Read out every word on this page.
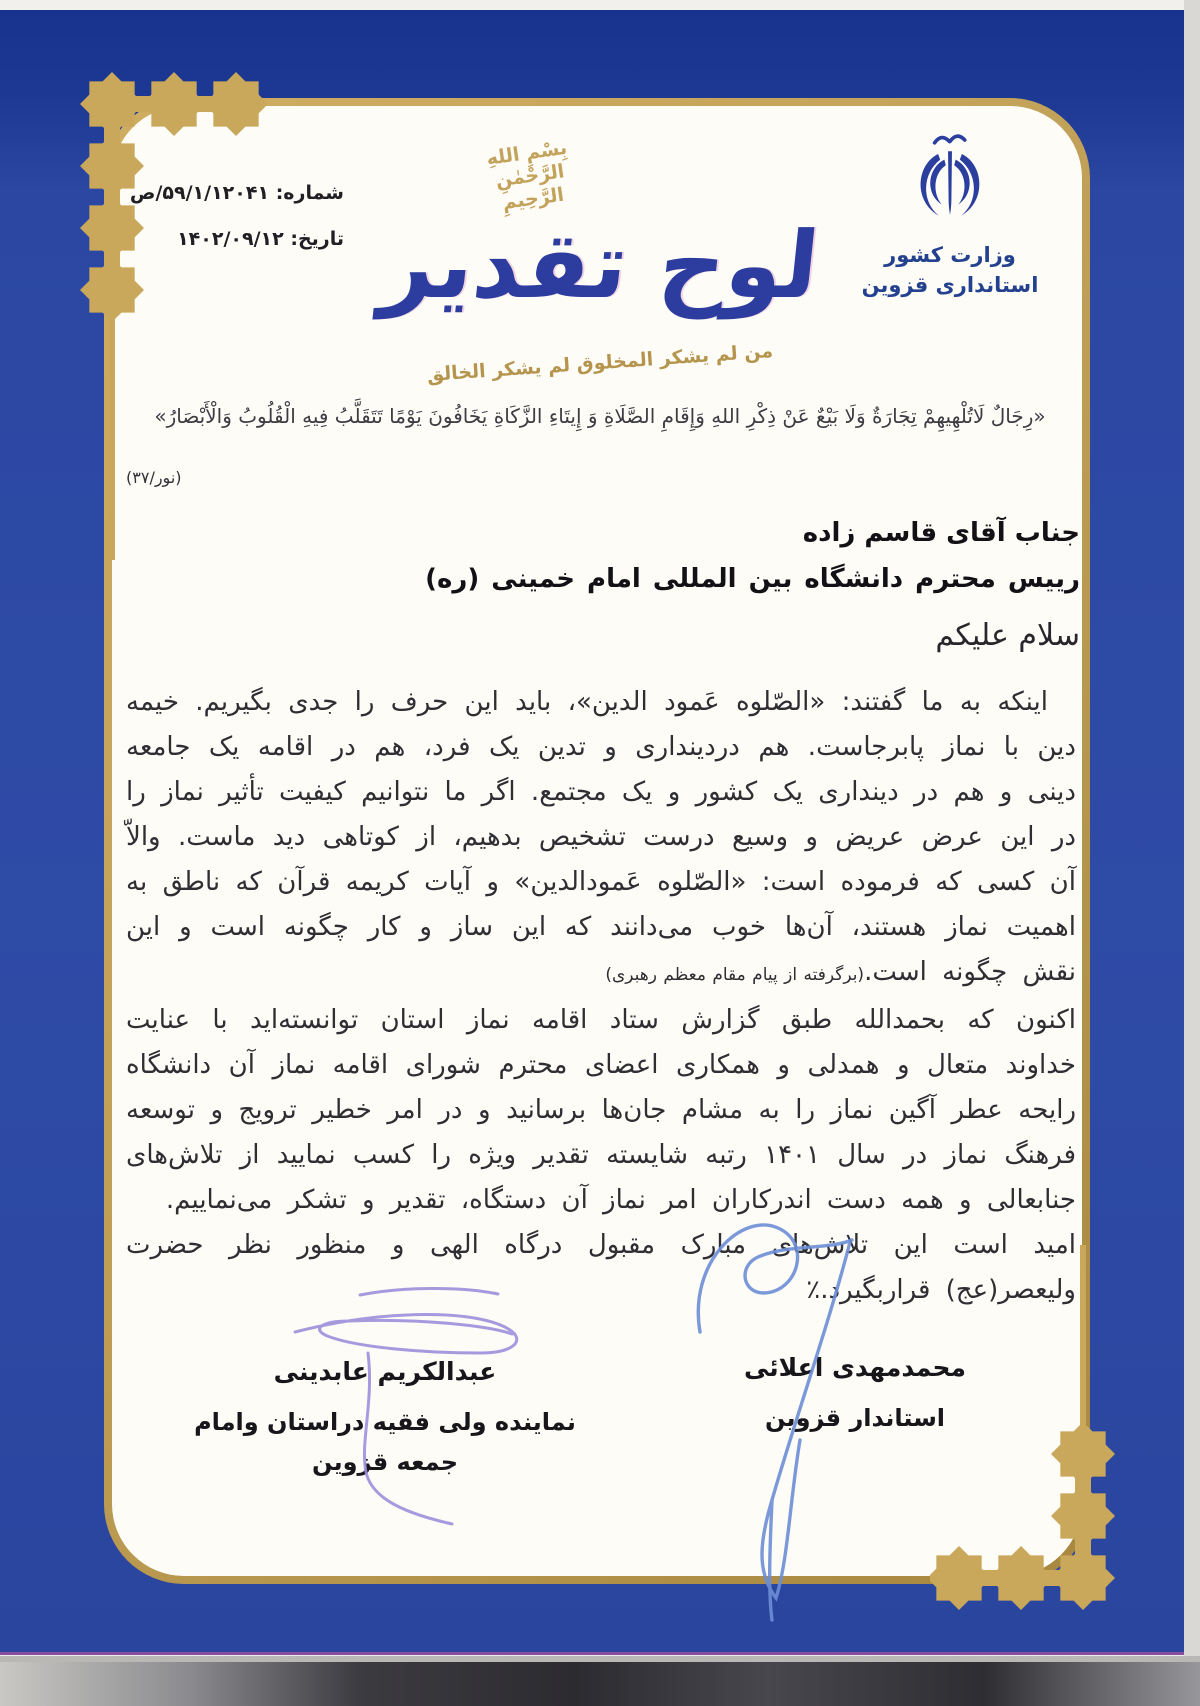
شماره: ۵۹/۱/۱۲۰۴۱/ص
تاریخ: ۱۴۰۲/۰۹/۱۲
بِسْمِ اللهِ الرَّحْمٰنِ الرَّحِيمِ
لوح تقدیر
من لم یشکر المخلوق لم یشکر الخالق
وزارت کشور
استانداری قزوین
«رِجَالٌ لَاتُلْهِيهِمْ تِجَارَةٌ وَلَا بَيْعٌ عَنْ ذِكْرِ اللهِ وَإِقَامِ الصَّلَاةِ وَ إِيتَاءِ الزَّكَاةِ يَخَافُونَ يَوْمًا تَتَقَلَّبُ فِيهِ الْقُلُوبُ وَالْأَبْصَارُ»
(نور/۳۷)
جناب آقای قاسم زاده
رییس محترم دانشگاه بین المللی امام خمینی (ره)
سلام علیکم

اینکه به ما گفتند: «الصّلوه عَمود الدین»، باید این حرف را جدی بگیریم. خیمه دین با نماز پابرجاست. هم دردینداری و تدین یک فرد، هم در اقامه یک جامعه دینی و هم در دینداری یک کشور و یک مجتمع. اگر ما نتوانیم کیفیت تأثیر نماز را در این عرض عریض و وسیع درست تشخیص بدهیم، از کوتاهی دید ماست. والاّ آن کسی که فرموده است: «الصّلوه عَمودالدین» و آیات کریمه قرآن که ناطق به اهمیت نماز هستند، آن‌ها خوب می‌دانند که این ساز و کار چگونه است و این نقش چگونه است.(برگرفته از پیام مقام معظم رهبری)

اکنون که بحمدالله طبق گزارش ستاد اقامه نماز استان توانسته‌اید با عنایت خداوند متعال و همدلی و همکاری اعضای محترم شورای اقامه نماز آن دانشگاه رایحه عطر آگین نماز را به مشام جان‌ها برسانید و در امر خطیر ترویج و توسعه فرهنگ نماز در سال ۱۴۰۱ رتبه شایسته تقدیر ویژه را کسب نمایید از تلاش‌های جنابعالی و همه دست اندرکاران امر نماز آن دستگاه، تقدیر و تشکر می‌نماییم.

امید است این تلاش‌های مبارک مقبول درگاه الهی و منظور نظر حضرت ولیعصر(عج) قراربگیرد.٪

محمدمهدی اعلائی
استاندار قزوین
عبدالکریم عابدینی
نماینده ولی فقیه دراستان وامام جمعه قزوین
